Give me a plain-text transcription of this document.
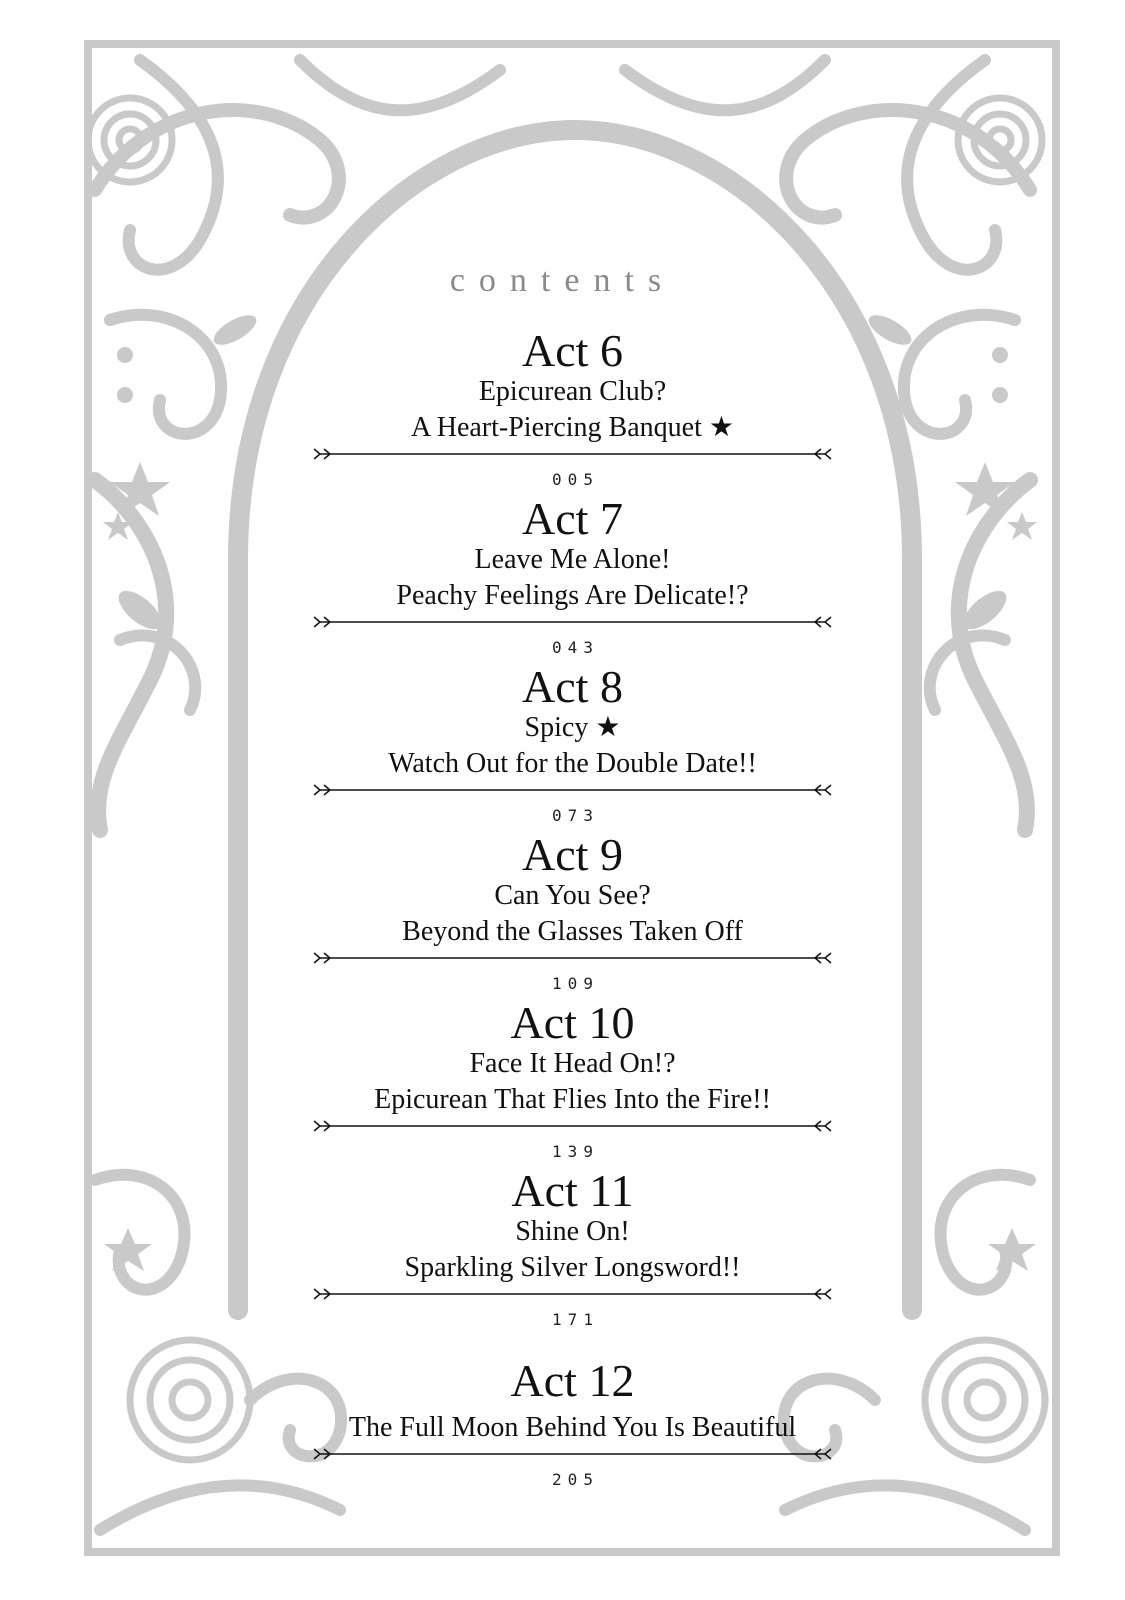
contents
Act 6
Epicurean Club?
A Heart-Piercing Banquet ★
005
Act 7
Leave Me Alone!
Peachy Feelings Are Delicate!?
043
Act 8
Spicy ★
Watch Out for the Double Date!!
073
Act 9
Can You See?
Beyond the Glasses Taken Off
109
Act 10
Face It Head On!?
Epicurean That Flies Into the Fire!!
139
Act 11
Shine On!
Sparkling Silver Longsword!!
171
Act 12
The Full Moon Behind You Is Beautiful
205
